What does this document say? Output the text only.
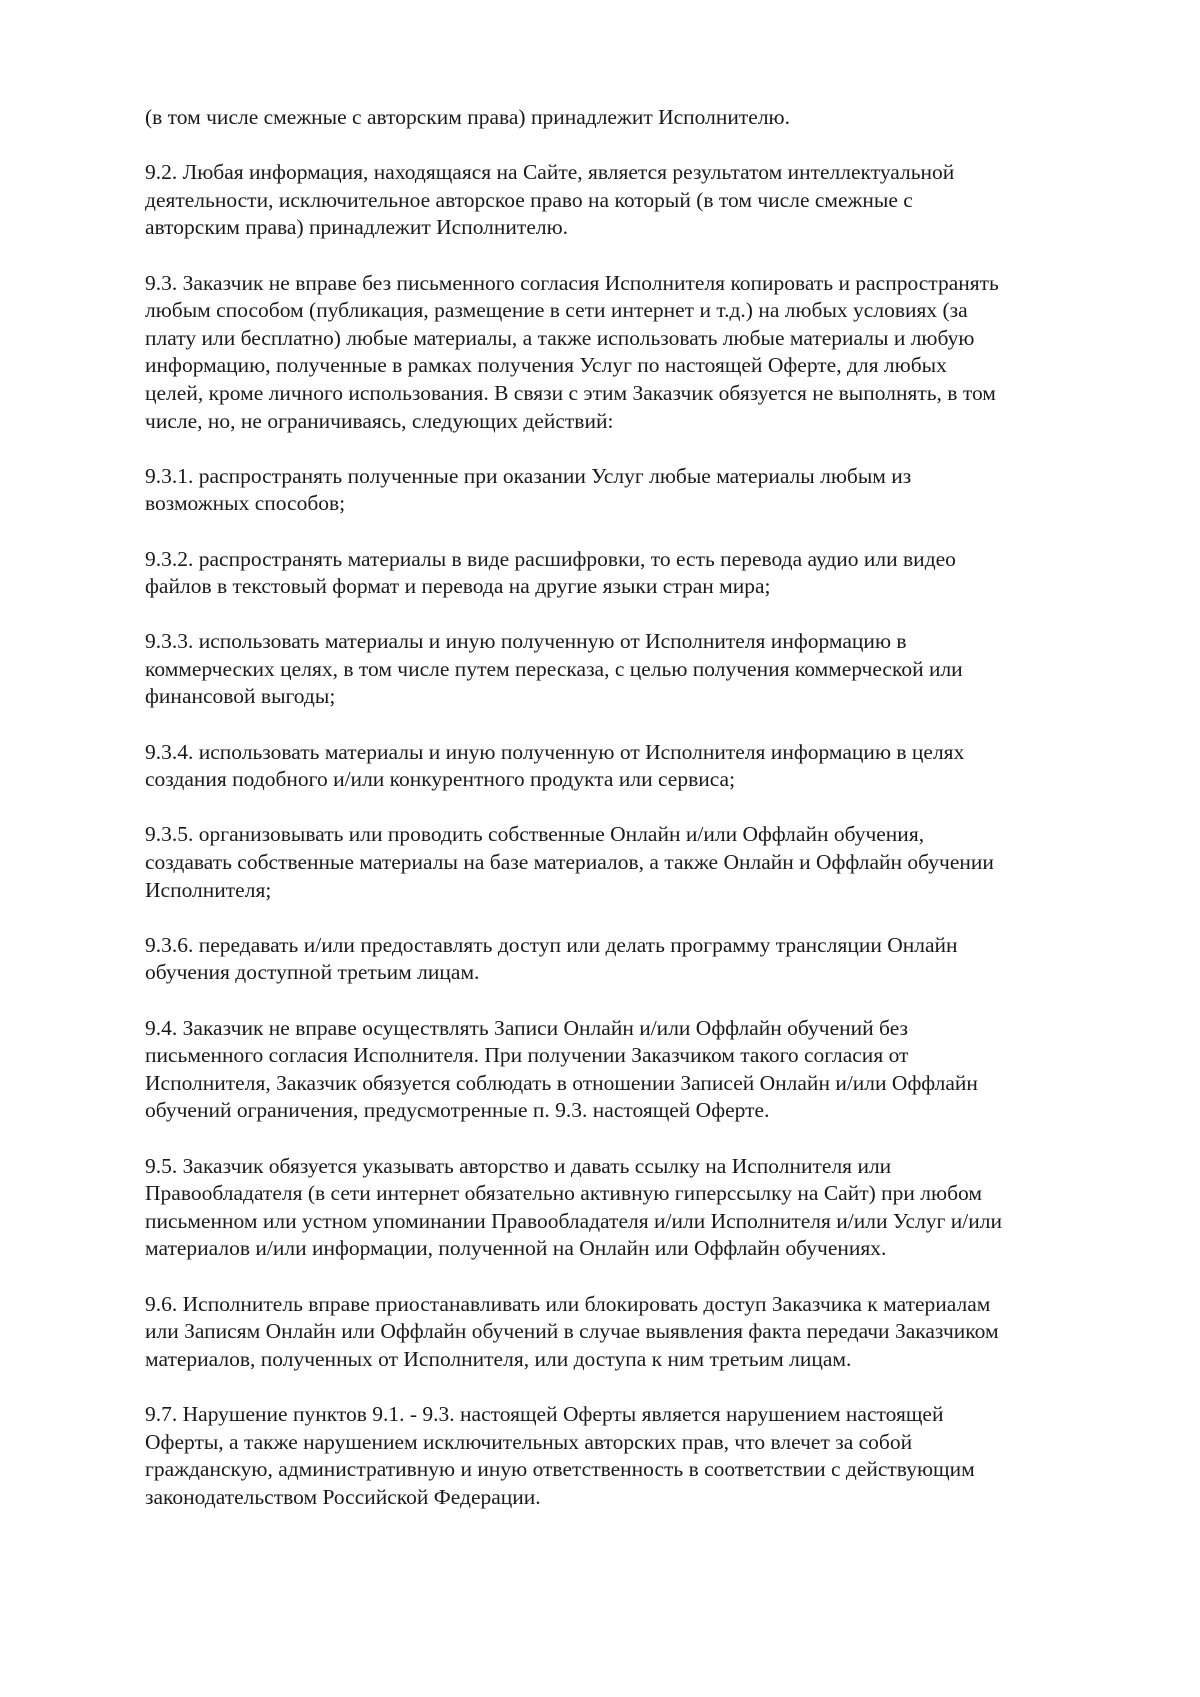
(в том числе смежные с авторским права) принадлежит Исполнителю.

9.2. Любая информация, находящаяся на Сайте, является результатом интеллектуальной
деятельности, исключительное авторское право на который (в том числе смежные с
авторским права) принадлежит Исполнителю.

9.3. Заказчик не вправе без письменного согласия Исполнителя копировать и распространять
любым способом (публикация, размещение в сети интернет и т.д.) на любых условиях (за
плату или бесплатно) любые материалы, а также использовать любые материалы и любую
информацию, полученные в рамках получения Услуг по настоящей Оферте, для любых
целей, кроме личного использования. В связи с этим Заказчик обязуется не выполнять, в том
числе, но, не ограничиваясь, следующих действий:

9.3.1. распространять полученные при оказании Услуг любые материалы любым из
возможных способов;

9.3.2. распространять материалы в виде расшифровки, то есть перевода аудио или видео
файлов в текстовый формат и перевода на другие языки стран мира;

9.3.3. использовать материалы и иную полученную от Исполнителя информацию в
коммерческих целях, в том числе путем пересказа, с целью получения коммерческой или
финансовой выгоды;

9.3.4. использовать материалы и иную полученную от Исполнителя информацию в целях
создания подобного и/или конкурентного продукта или сервиса;

9.3.5. организовывать или проводить собственные Онлайн и/или Оффлайн обучения,
создавать собственные материалы на базе материалов, а также Онлайн и Оффлайн обучении
Исполнителя;

9.3.6. передавать и/или предоставлять доступ или делать программу трансляции Онлайн
обучения доступной третьим лицам.

9.4. Заказчик не вправе осуществлять Записи Онлайн и/или Оффлайн обучений без
письменного согласия Исполнителя. При получении Заказчиком такого согласия от
Исполнителя, Заказчик обязуется соблюдать в отношении Записей Онлайн и/или Оффлайн
обучений ограничения, предусмотренные п. 9.3. настоящей Оферте.

9.5. Заказчик обязуется указывать авторство и давать ссылку на Исполнителя или
Правообладателя (в сети интернет обязательно активную гиперссылку на Сайт) при любом
письменном или устном упоминании Правообладателя и/или Исполнителя и/или Услуг и/или
материалов и/или информации, полученной на Онлайн или Оффлайн обучениях.

9.6. Исполнитель вправе приостанавливать или блокировать доступ Заказчика к материалам
или Записям Онлайн или Оффлайн обучений в случае выявления факта передачи Заказчиком
материалов, полученных от Исполнителя, или доступа к ним третьим лицам.

9.7. Нарушение пунктов 9.1. - 9.3. настоящей Оферты является нарушением настоящей
Оферты, а также нарушением исключительных авторских прав, что влечет за собой
гражданскую, административную и иную ответственность в соответствии с действующим
законодательством Российской Федерации.
